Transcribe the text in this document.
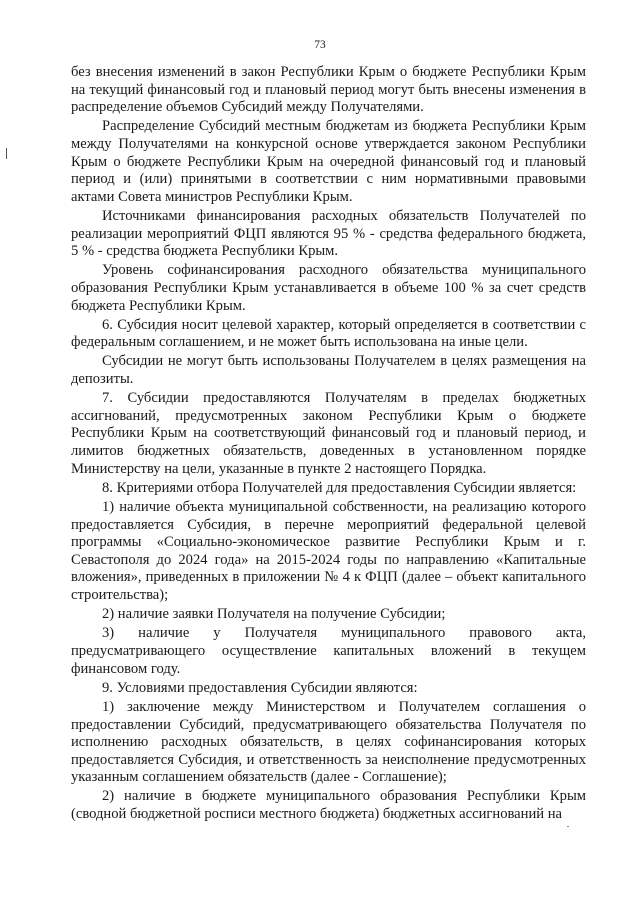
73

без внесения изменений в закон Республики Крым о бюджете Республики Крым на текущий финансовый год и плановый период могут быть внесены изменения в распределение объемов Субсидий между Получателями.

Распределение Субсидий местным бюджетам из бюджета Республики Крым между Получателями на конкурсной основе утверждается законом Республики Крым о бюджете Республики Крым на очередной финансовый год и плановый период и (или) принятыми в соответствии с ним нормативными правовыми актами Совета министров Республики Крым.

Источниками финансирования расходных обязательств Получателей по реализации мероприятий ФЦП являются 95 % - средства федерального бюджета, 5 % - средства бюджета Республики Крым.

Уровень софинансирования расходного обязательства муниципального образования Республики Крым устанавливается в объеме 100 % за счет средств бюджета Республики Крым.

6. Субсидия носит целевой характер, который определяется в соответствии с федеральным соглашением, и не может быть использована на иные цели.

Субсидии не могут быть использованы Получателем в целях размещения на депозиты.

7. Субсидии предоставляются Получателям в пределах бюджетных ассигнований, предусмотренных законом Республики Крым о бюджете Республики Крым на соответствующий финансовый год и плановый период, и лимитов бюджетных обязательств, доведенных в установленном порядке Министерству на цели, указанные в пункте 2 настоящего Порядка.

8. Критериями отбора Получателей для предоставления Субсидии является:

1) наличие объекта муниципальной собственности, на реализацию которого предоставляется Субсидия, в перечне мероприятий федеральной целевой программы «Социально-экономическое развитие Республики Крым и г. Севастополя до 2024 года» на 2015-2024 годы по направлению «Капитальные вложения», приведенных в приложении № 4 к ФЦП (далее – объект капитального строительства);

2) наличие заявки Получателя на получение Субсидии;

3) наличие у Получателя муниципального правового акта, предусматривающего осуществление капитальных вложений в текущем финансовом году.

9. Условиями предоставления Субсидии являются:

1) заключение между Министерством и Получателем соглашения о предоставлении Субсидий, предусматривающего обязательства Получателя по исполнению расходных обязательств, в целях софинансирования которых предоставляется Субсидия, и ответственность за неисполнение предусмотренных указанным соглашением обязательств (далее - Соглашение);

2) наличие в бюджете муниципального образования Республики Крым (сводной бюджетной росписи местного бюджета) бюджетных ассигнований на
